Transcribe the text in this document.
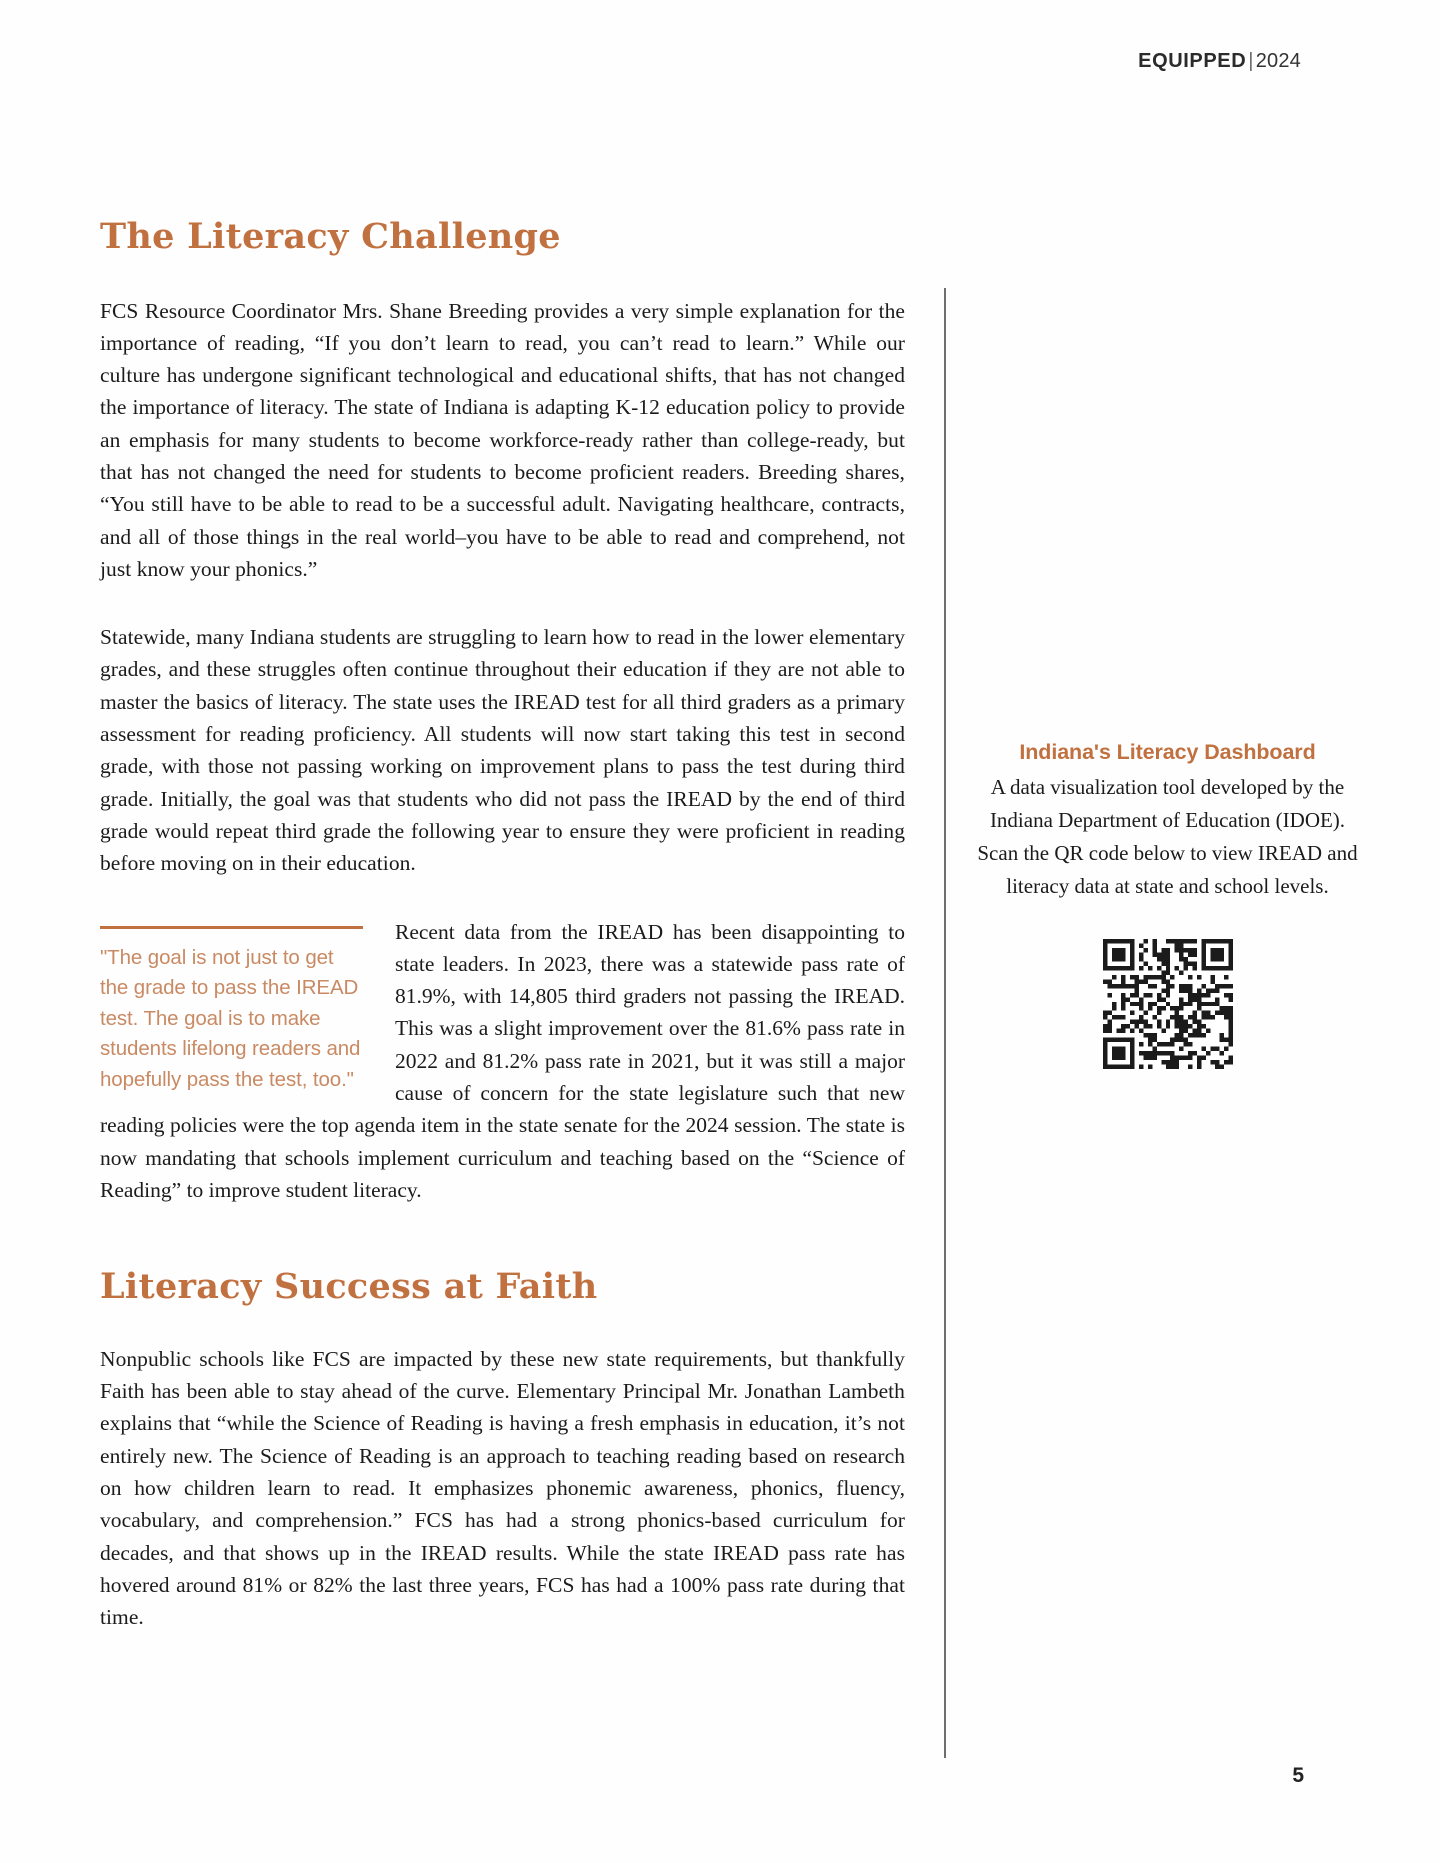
EQUIPPED | 2024
The Literacy Challenge

FCS Resource Coordinator Mrs. Shane Breeding provides a very simple explanation for the importance of reading, “If you don’t learn to read, you can’t read to learn.” While our culture has undergone significant technological and educational shifts, that has not changed the importance of literacy. The state of Indiana is adapting K-12 education policy to provide an emphasis for many students to become workforce-ready rather than college-ready, but that has not changed the need for students to become proficient readers. Breeding shares, “You still have to be able to read to be a successful adult. Navigating healthcare, contracts, and all of those things in the real world–you have to be able to read and comprehend, not just know your phonics.”

Statewide, many Indiana students are struggling to learn how to read in the lower elementary grades, and these struggles often continue throughout their education if they are not able to master the basics of literacy. The state uses the IREAD test for all third graders as a primary assessment for reading proficiency. All students will now start taking this test in second grade, with those not passing working on improvement plans to pass the test during third grade. Initially, the goal was that students who did not pass the IREAD by the end of third grade would repeat third grade the following year to ensure they were proficient in reading before moving on in their education.

"The goal is not just to get the grade to pass the IREAD test. The goal is to make students lifelong readers and hopefully pass the test, too."

Recent data from the IREAD has been disappointing to state leaders. In 2023, there was a statewide pass rate of 81.9%, with 14,805 third graders not passing the IREAD. This was a slight improvement over the 81.6% pass rate in 2022 and 81.2% pass rate in 2021, but it was still a major cause of concern for the state legislature such that new reading policies were the top agenda item in the state senate for the 2024 session. The state is now mandating that schools implement curriculum and teaching based on the “Science of Reading” to improve student literacy.

Literacy Success at Faith

Nonpublic schools like FCS are impacted by these new state requirements, but thankfully Faith has been able to stay ahead of the curve. Elementary Principal Mr. Jonathan Lambeth explains that “while the Science of Reading is having a fresh emphasis in education, it’s not entirely new. The Science of Reading is an approach to teaching reading based on research on how children learn to read. It emphasizes phonemic awareness, phonics, fluency, vocabulary, and comprehension.” FCS has had a strong phonics-based curriculum for decades, and that shows up in the IREAD results. While the state IREAD pass rate has hovered around 81% or 82% the last three years, FCS has had a 100% pass rate during that time.

Indiana's Literacy Dashboard

A data visualization tool developed by the Indiana Department of Education (IDOE). Scan the QR code below to view IREAD and literacy data at state and school levels.

5
